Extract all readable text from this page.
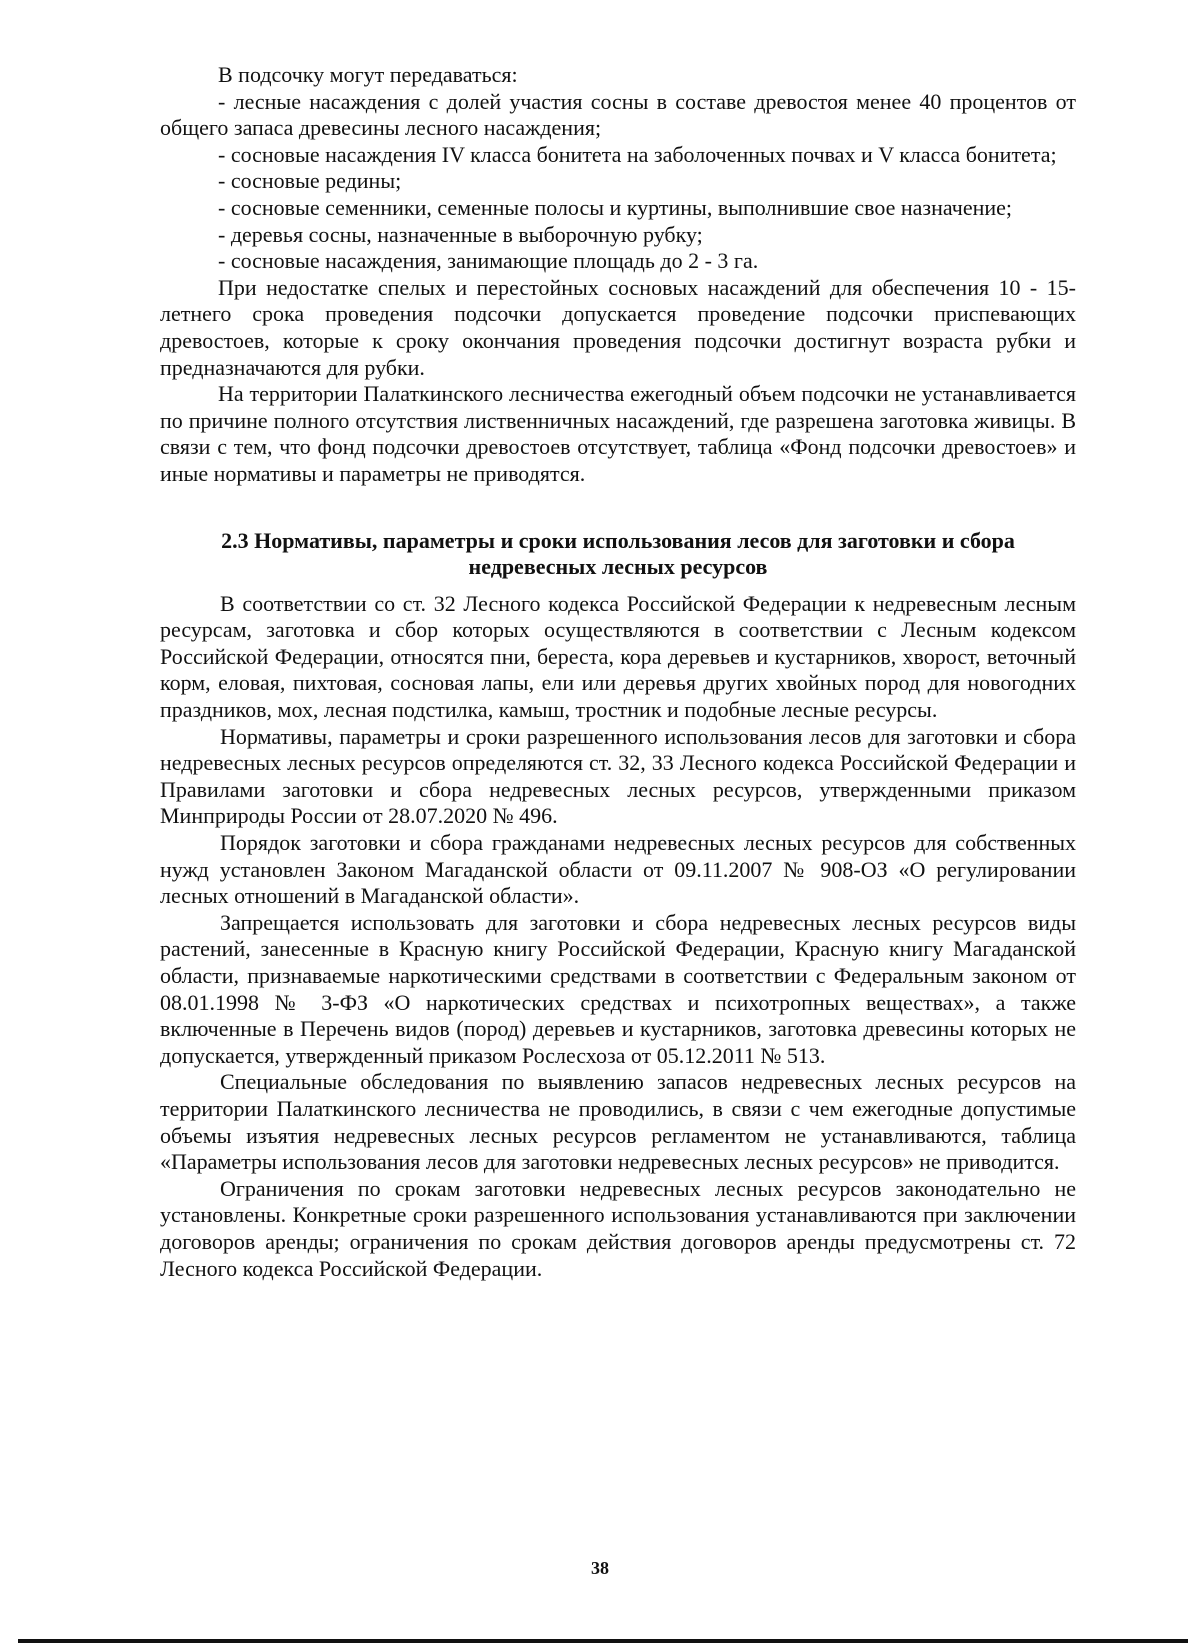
В подсочку могут передаваться:

- лесные насаждения с долей участия сосны в составе древостоя менее 40 процентов от общего запаса древесины лесного насаждения;

- сосновые насаждения IV класса бонитета на заболоченных почвах и V класса бонитета;

- сосновые редины;

- сосновые семенники, семенные полосы и куртины, выполнившие свое назначение;

- деревья сосны, назначенные в выборочную рубку;

- сосновые насаждения, занимающие площадь до 2 - 3 га.

При недостатке спелых и перестойных сосновых насаждений для обеспечения 10 - 15-летнего срока проведения подсочки допускается проведение подсочки приспевающих древостоев, которые к сроку окончания проведения подсочки достигнут возраста рубки и предназначаются для рубки.

На территории Палаткинского лесничества ежегодный объем подсочки не устанавливается по причине полного отсутствия лиственничных насаждений, где разрешена заготовка живицы. В связи с тем, что фонд подсочки древостоев отсутствует, таблица «Фонд подсочки древостоев» и иные нормативы и параметры не приводятся.

2.3 Нормативы, параметры и сроки использования лесов для заготовки и сбора
недревесных лесных ресурсов

В соответствии со ст. 32 Лесного кодекса Российской Федерации к недревесным лесным ресурсам, заготовка и сбор которых осуществляются в соответствии с Лесным кодексом Российской Федерации, относятся пни, береста, кора деревьев и кустарников, хворост, веточный корм, еловая, пихтовая, сосновая лапы, ели или деревья других хвойных пород для новогодних праздников, мох, лесная подстилка, камыш, тростник и подобные лесные ресурсы.

Нормативы, параметры и сроки разрешенного использования лесов для заготовки и сбора недревесных лесных ресурсов определяются ст. 32, 33 Лесного кодекса Российской Федерации и Правилами заготовки и сбора недревесных лесных ресурсов, утвержденными приказом Минприроды России от 28.07.2020 № 496.

Порядок заготовки и сбора гражданами недревесных лесных ресурсов для собственных нужд установлен Законом Магаданской области от 09.11.2007 № 908-ОЗ «О регулировании лесных отношений в Магаданской области».

Запрещается использовать для заготовки и сбора недревесных лесных ресурсов виды растений, занесенные в Красную книгу Российской Федерации, Красную книгу Магаданской области, признаваемые наркотическими средствами в соответствии с Федеральным законом от 08.01.1998 № 3-ФЗ «О наркотических средствах и психотропных веществах», а также включенные в Перечень видов (пород) деревьев и кустарников, заготовка древесины которых не допускается, утвержденный приказом Рослесхоза от 05.12.2011 № 513.

Специальные обследования по выявлению запасов недревесных лесных ресурсов на территории Палаткинского лесничества не проводились, в связи с чем ежегодные допустимые объемы изъятия недревесных лесных ресурсов регламентом не устанавливаются, таблица «Параметры использования лесов для заготовки недревесных лесных ресурсов» не приводится.

Ограничения по срокам заготовки недревесных лесных ресурсов законодательно не установлены. Конкретные сроки разрешенного использования устанавливаются при заключении договоров аренды; ограничения по срокам действия договоров аренды предусмотрены ст. 72 Лесного кодекса Российской Федерации.

38
